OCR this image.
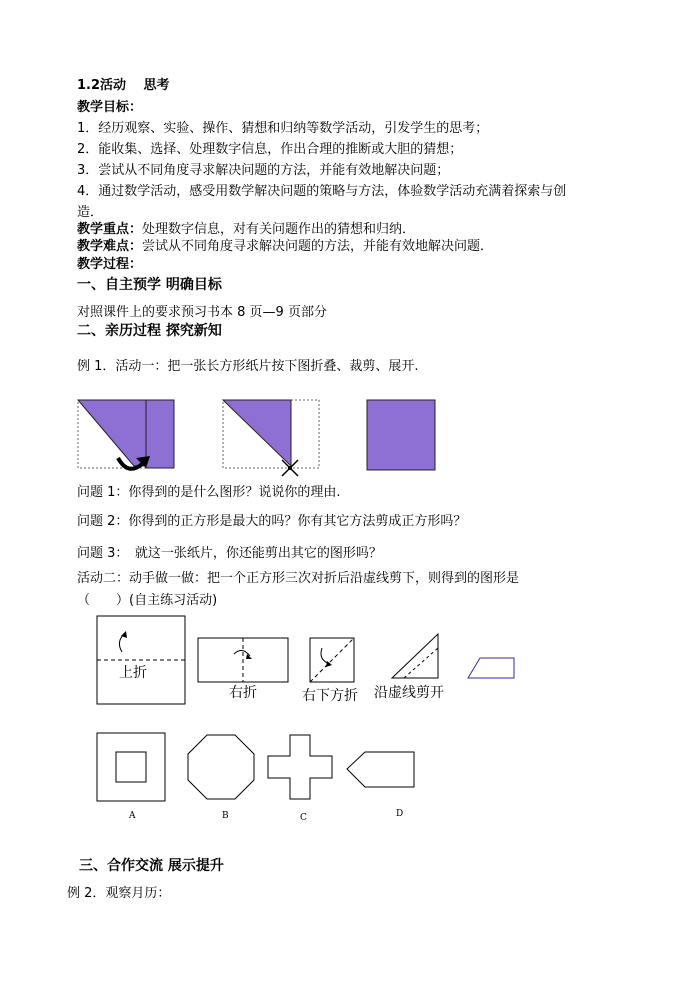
1.2活动　 思考
教学目标：
1．经历观察、实验、操作、猜想和归纳等数学活动，引发学生的思考；
2．能收集、选择、处理数字信息，作出合理的推断或大胆的猜想；
3．尝试从不同角度寻求解决问题的方法，并能有效地解决问题；
4．通过数学活动，感受用数学解决问题的策略与方法，体验数学活动充满着探索与创
造．
教学重点：处理数字信息，对有关问题作出的猜想和归纳．
教学难点：尝试从不同角度寻求解决问题的方法，并能有效地解决问题．
教学过程：
一、自主预学 明确目标
对照课件上的要求预习书本 8 页—9 页部分
二、亲历过程 探究新知
例 1．活动一：把一张长方形纸片按下图折叠、裁剪、展开.
问题 1：你得到的是什么图形？说说你的理由.
问题 2：你得到的正方形是最大的吗？你有其它方法剪成正方形吗？
问题 3：　就这一张纸片，你还能剪出其它的图形吗？
活动二：动手做一做：把一个正方形三次对折后沿虚线剪下，则得到的图形是
（　　）(自主练习活动)
上折
右折	右下方折 沿虚线剪开
A	B	C	D
三、合作交流 展示提升
例 2．观察月历：
